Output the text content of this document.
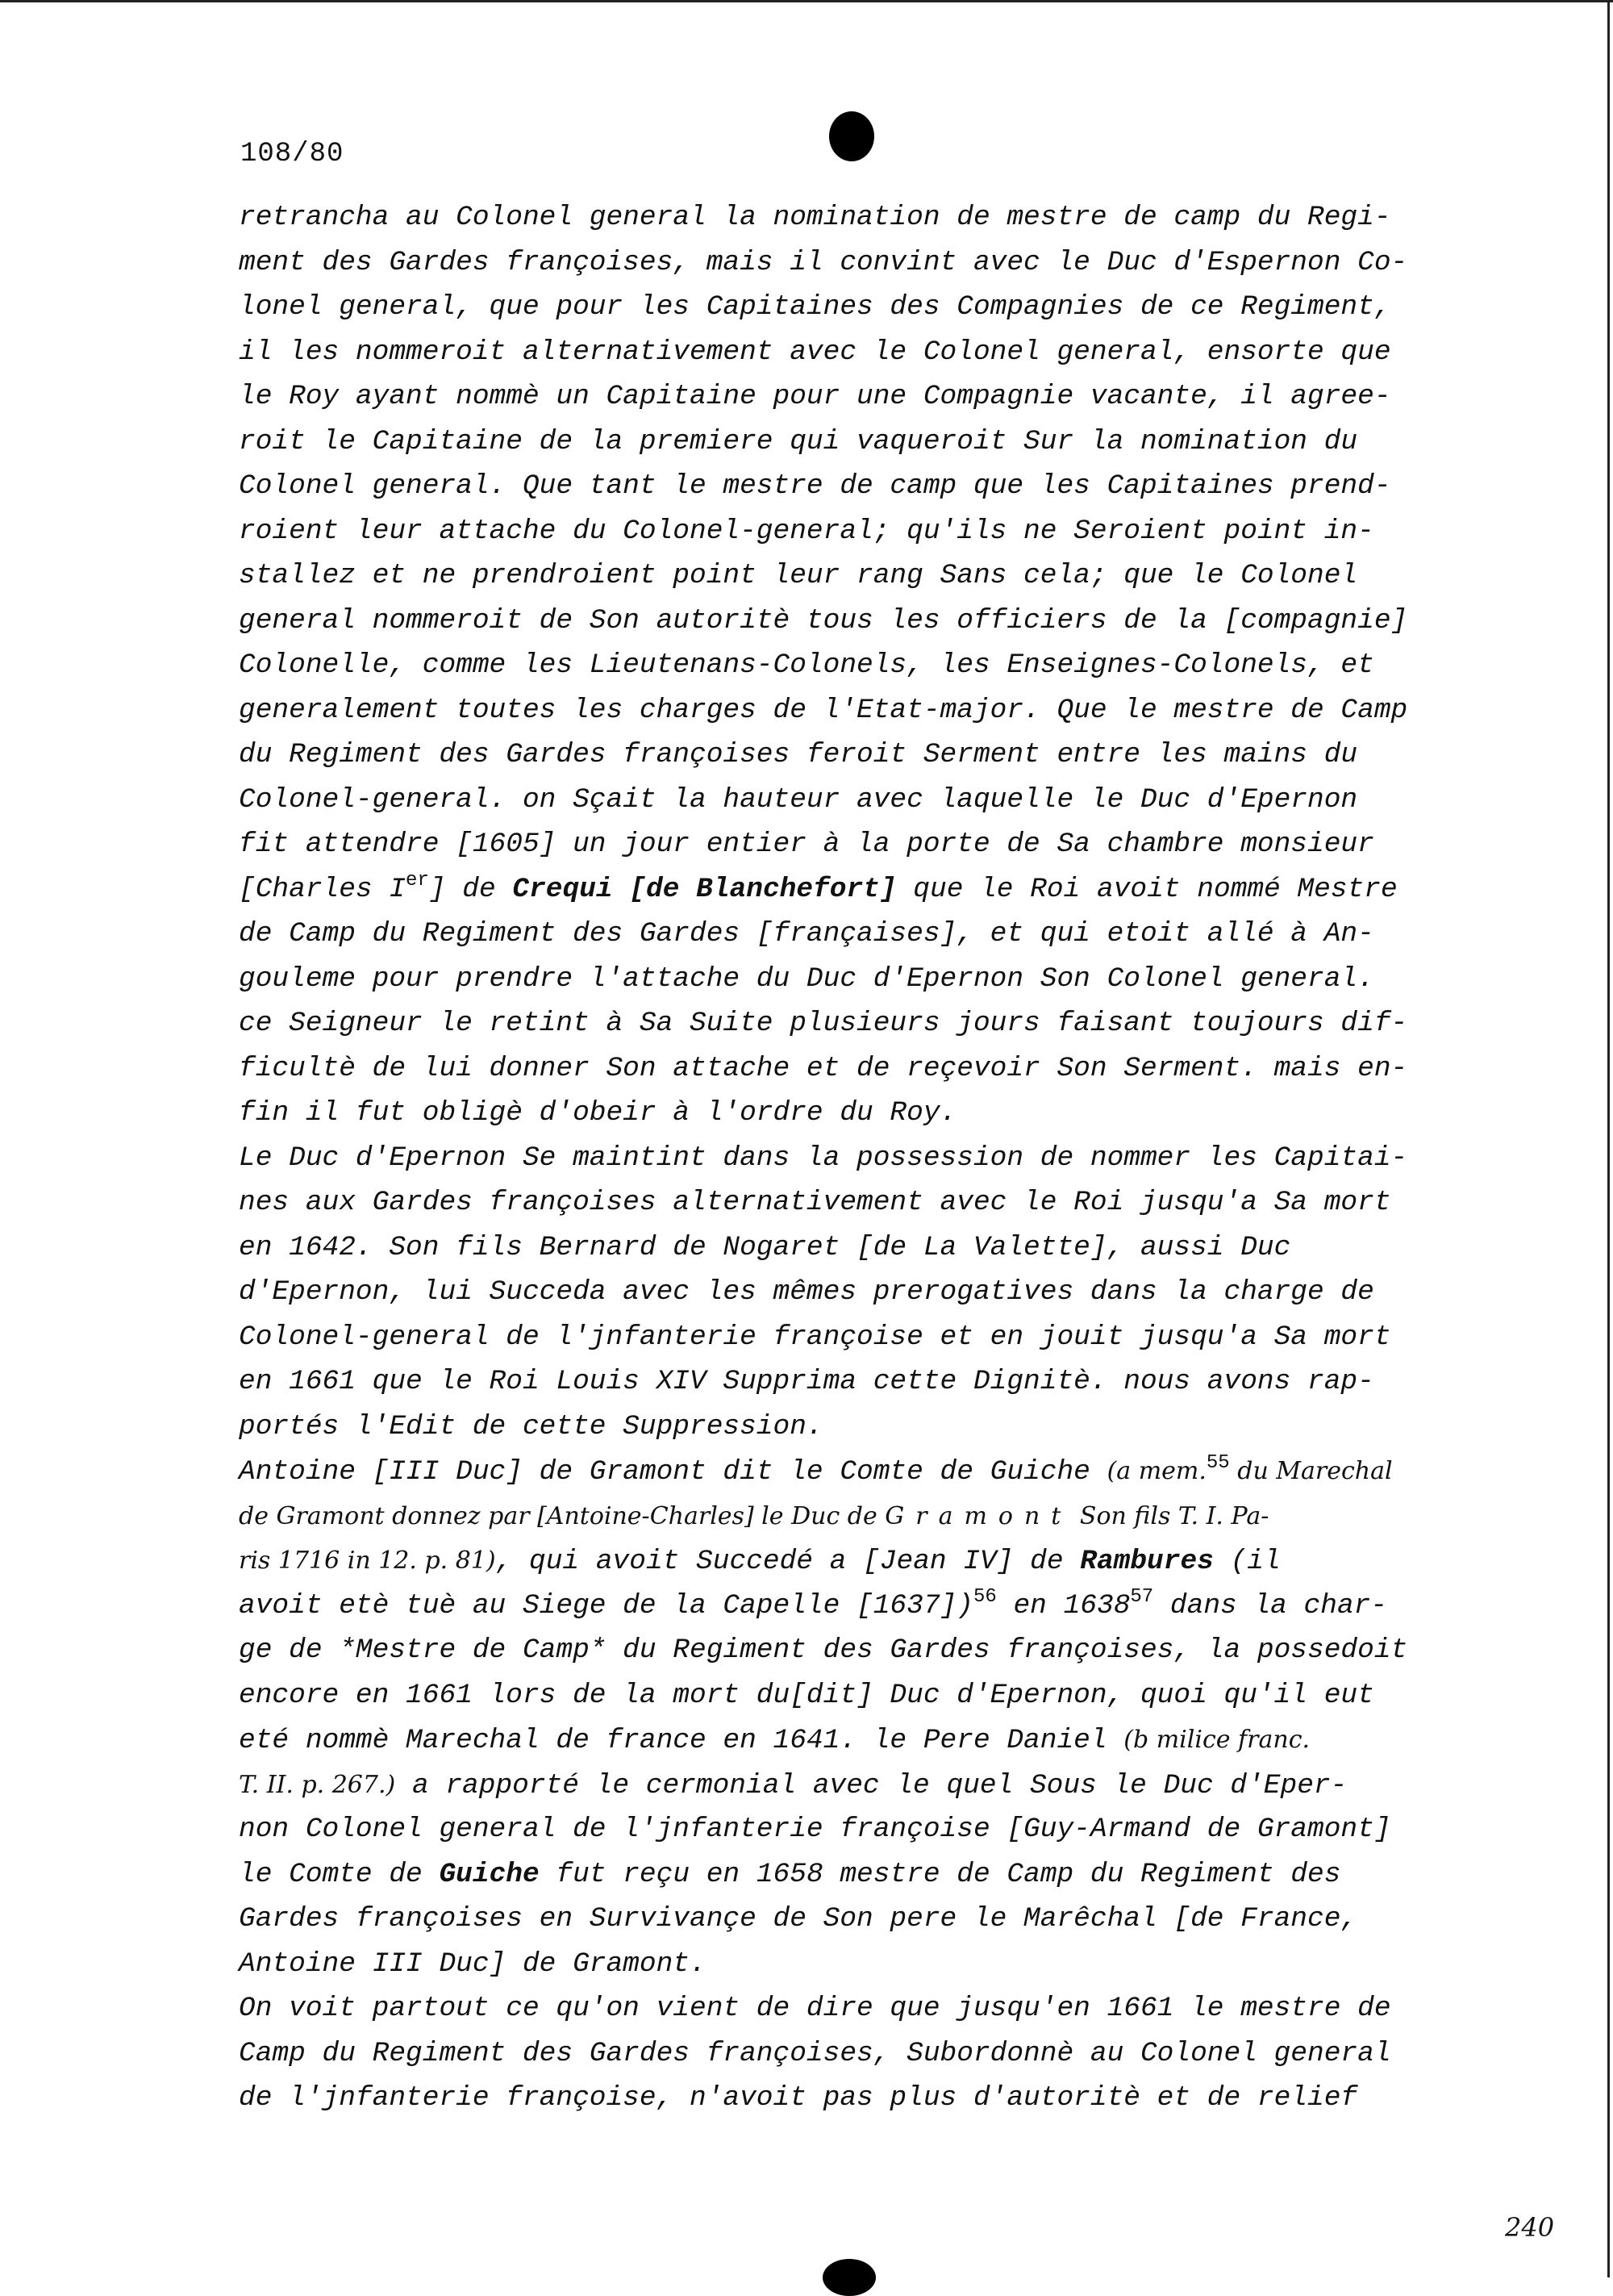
108/80
retrancha au Colonel general la nomination de mestre de camp du Regi-
ment des Gardes françoises, mais il convint avec le Duc d'Espernon Co-
lonel general, que pour les Capitaines des Compagnies de ce Regiment,
il les nommeroit alternativement avec le Colonel general, ensorte que
le Roy ayant nommè un Capitaine pour une Compagnie vacante, il agree-
roit le Capitaine de la premiere qui vaqueroit Sur la nomination du
Colonel general. Que tant le mestre de camp que les Capitaines prend-
roient leur attache du Colonel-general; qu'ils ne Seroient point in-
stallez et ne prendroient point leur rang Sans cela; que le Colonel
general nommeroit de Son autoritè tous les officiers de la [compagnie]
Colonelle, comme les Lieutenans-Colonels, les Enseignes-Colonels, et
generalement toutes les charges de l'Etat-major. Que le mestre de Camp
du Regiment des Gardes françoises feroit Serment entre les mains du
Colonel-general. on Sçait la hauteur avec laquelle le Duc d'Epernon
fit attendre [1605] un jour entier à la porte de Sa chambre monsieur
[Charles Ier] de Crequi [de Blanchefort] que le Roi avoit nommé Mestre
de Camp du Regiment des Gardes [françaises], et qui etoit allé à An-
gouleme pour prendre l'attache du Duc d'Epernon Son Colonel general.
ce Seigneur le retint à Sa Suite plusieurs jours faisant toujours dif-
ficultè de lui donner Son attache et de reçevoir Son Serment. mais en-
fin il fut obligè d'obeir à l'ordre du Roy.
Le Duc d'Epernon Se maintint dans la possession de nommer les Capitai-
nes aux Gardes françoises alternativement avec le Roi jusqu'a Sa mort
en 1642. Son fils Bernard de Nogaret [de La Valette], aussi Duc
d'Epernon, lui Succeda avec les mêmes prerogatives dans la charge de
Colonel-general de l'jnfanterie françoise et en jouit jusqu'a Sa mort
en 1661 que le Roi Louis XIV Supprima cette Dignitè. nous avons rap-
portés l'Edit de cette Suppression.
Antoine [III Duc] de Gramont dit le Comte de Guiche (a mem.$^{55}$ du Marechal
de Gramont donnez par [Antoine-Charles] le Duc de Gramont Son fils T. I. Pa-
ris 1716 in 12. p. 81), qui avoit Succedé a [Jean IV] de Rambures (il
avoit etè tuè au Siege de la Capelle [1637])$^{56}$ en 1638$^{57}$ dans la char-
ge de *Mestre de Camp* du Regiment des Gardes françoises, la possedoit
encore en 1661 lors de la mort du[dit] Duc d'Epernon, quoi qu'il eut
eté nommè Marechal de france en 1641. le Pere Daniel (b milice franc.
T. II. p. 267.) a rapporté le cermonial avec le quel Sous le Duc d'Eper-
non Colonel general de l'jnfanterie françoise [Guy-Armand de Gramont]
le Comte de Guiche fut reçu en 1658 mestre de Camp du Regiment des
Gardes françoises en Survivançe de Son pere le Marêchal [de France,
Antoine III Duc] de Gramont.
On voit partout ce qu'on vient de dire que jusqu'en 1661 le mestre de
Camp du Regiment des Gardes françoises, Subordonnè au Colonel general
de l'jnfanterie françoise, n'avoit pas plus d'autoritè et de relief
240
